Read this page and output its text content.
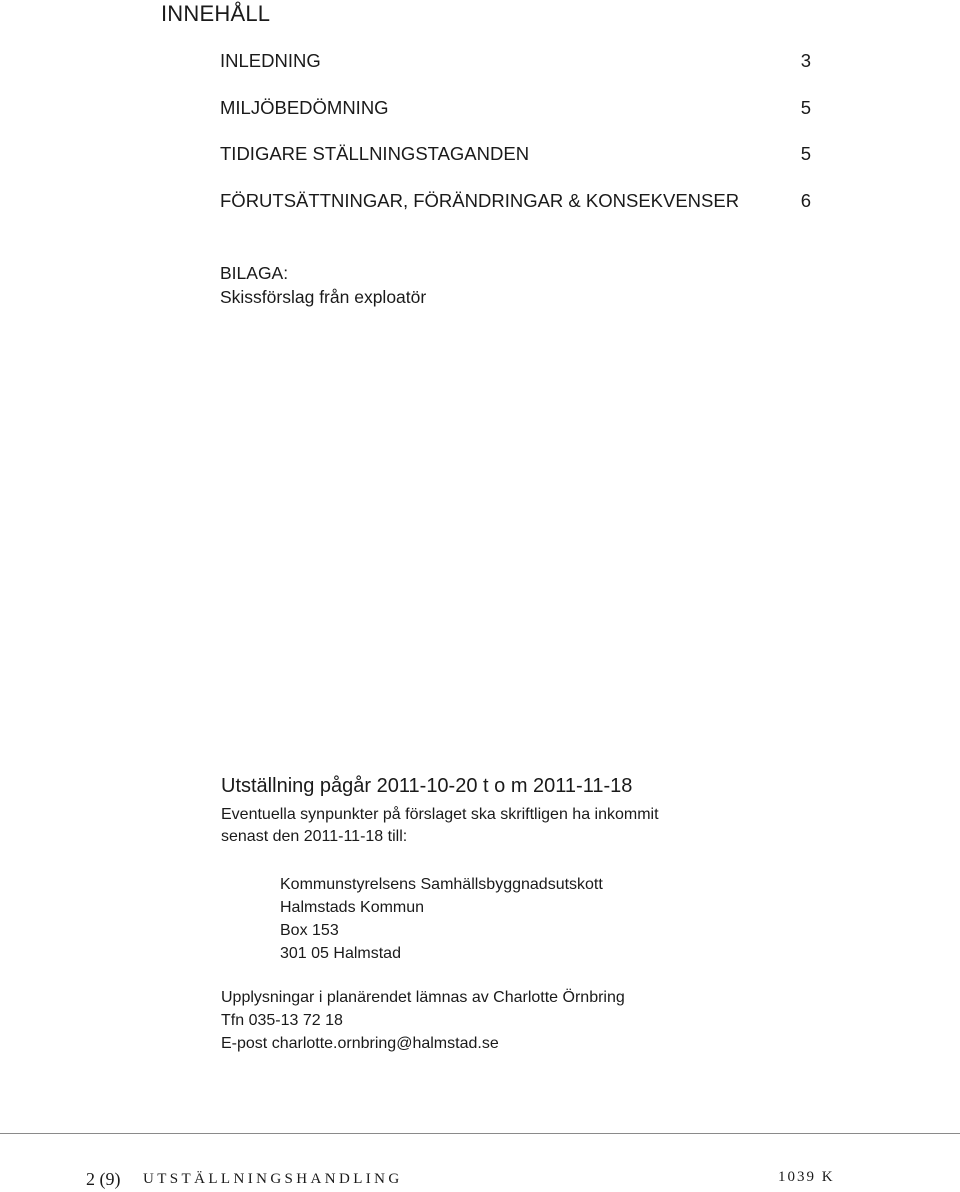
INNEHÅLL
INLEDNING	3
MILJÖBEDÖMNING	5
TIDIGARE STÄLLNINGSTAGANDEN	5
FÖRUTSÄTTNINGAR, FÖRÄNDRINGAR & KONSEKVENSER	6
BILAGA:
Skissförslag från exploatör
Utställning pågår 2011-10-20 t o m 2011-11-18
Eventuella synpunkter på förslaget ska skriftligen ha inkommit
senast den 2011-11-18 till:
Kommunstyrelsens Samhällsbyggnadsutskott
Halmstads Kommun
Box 153
301 05 Halmstad
Upplysningar i planärendet lämnas av Charlotte Örnbring
Tfn 035-13 72 18
E-post charlotte.ornbring@halmstad.se
2 (9) UTSTÄLLNINGSHANDLING	1039 K
